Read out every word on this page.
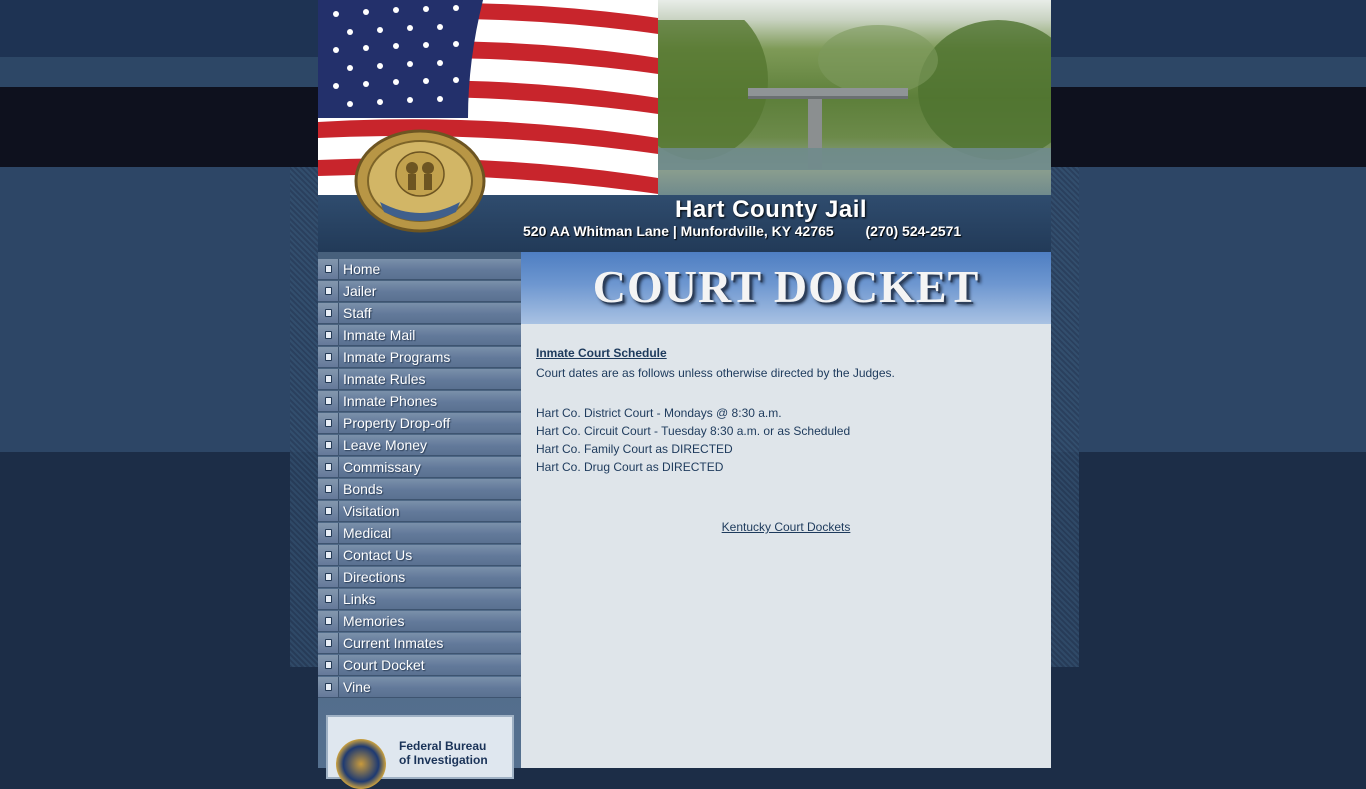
Hart County Jail
520 AA Whitman Lane | Munfordville, KY 42765 (270) 524-2571
Home
Jailer
Staff
Inmate Mail
Inmate Programs
Inmate Rules
Inmate Phones
Property Drop-off
Leave Money
Commissary
Bonds
Visitation
Medical
Contact Us
Directions
Links
Memories
Current Inmates
Court Docket
Vine
Federal Bureau
of Investigation
COURT DOCKET
Inmate Court Schedule
Court dates are as follows unless otherwise directed by the Judges.
Hart Co. District Court - Mondays @ 8:30 a.m.
Hart Co. Circuit Court - Tuesday 8:30 a.m. or as Scheduled
Hart Co. Family Court as DIRECTED
Hart Co. Drug Court as DIRECTED
Kentucky Court Dockets
